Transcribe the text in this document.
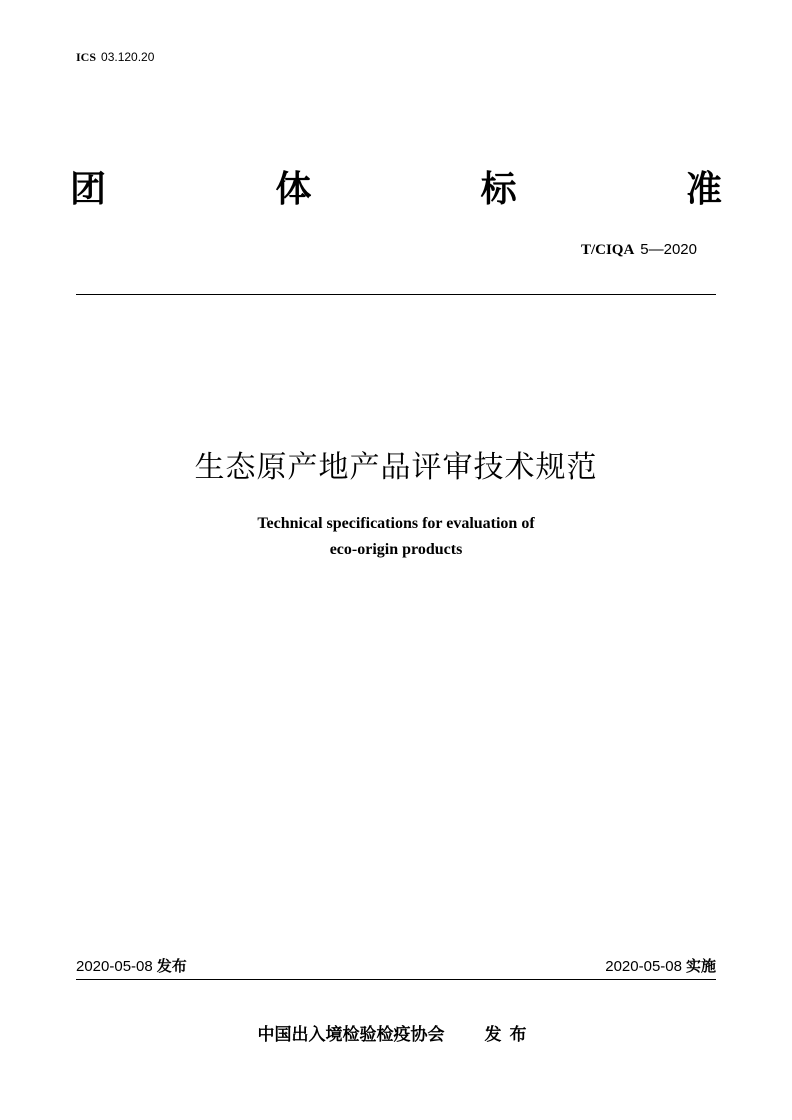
ICS 03.120.20
团	体	标	准
T/CIQA 5—2020
生态原产地产品评审技术规范
Technical specifications for evaluation of
eco-origin products
2020-05-08 发布	2020-05-08 实施
中国出入境检验检疫协会 发布
